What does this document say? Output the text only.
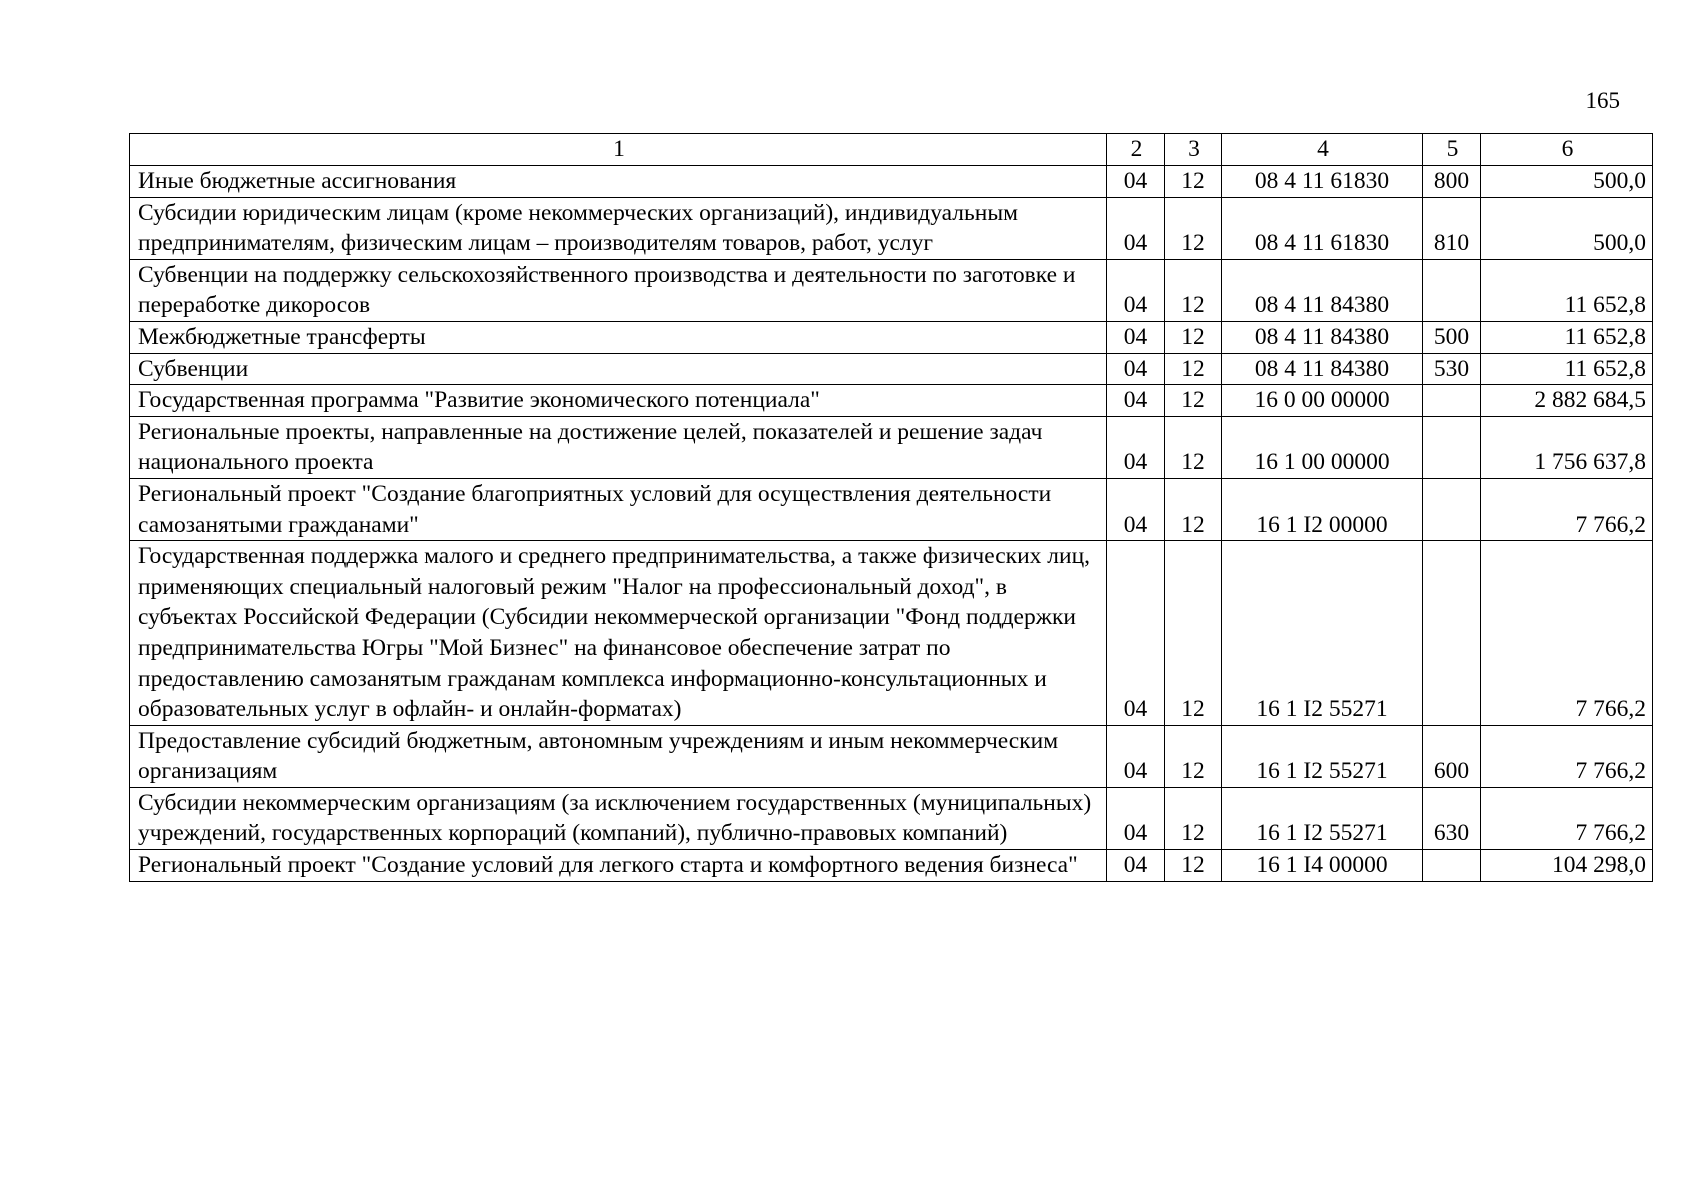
165
1	2	3	4	5	6
Иные бюджетные ассигнования	04	12	08 4 11 61830	800	500,0
Субсидии юридическим лицам (кроме некоммерческих организаций), индивидуальным предпринимателям, физическим лицам – производителям товаров, работ, услуг	04	12	08 4 11 61830	810	500,0
Субвенции на поддержку сельскохозяйственного производства и деятельности по заготовке и переработке дикоросов	04	12	08 4 11 84380		11 652,8
Межбюджетные трансферты	04	12	08 4 11 84380	500	11 652,8
Субвенции	04	12	08 4 11 84380	530	11 652,8
Государственная программа "Развитие экономического потенциала"	04	12	16 0 00 00000		2 882 684,5
Региональные проекты, направленные на достижение целей, показателей и решение задач национального проекта	04	12	16 1 00 00000		1 756 637,8
Региональный проект "Создание благоприятных условий для осуществления деятельности самозанятыми гражданами"	04	12	16 1 I2 00000		7 766,2
Государственная поддержка малого и среднего предпринимательства, а также физических лиц, применяющих специальный налоговый режим "Налог на профессиональный доход", в субъектах Российской Федерации (Субсидии некоммерческой организации "Фонд поддержки предпринимательства Югры "Мой Бизнес" на финансовое обеспечение затрат по предоставлению самозанятым гражданам комплекса информационно-консультационных и образовательных услуг в офлайн- и онлайн-форматах)	04	12	16 1 I2 55271		7 766,2
Предоставление субсидий бюджетным, автономным учреждениям и иным некоммерческим организациям	04	12	16 1 I2 55271	600	7 766,2
Субсидии некоммерческим организациям (за исключением государственных (муниципальных) учреждений, государственных корпораций (компаний), публично-правовых компаний)	04	12	16 1 I2 55271	630	7 766,2
Региональный проект "Создание условий для легкого старта и комфортного ведения бизнеса"	04	12	16 1 I4 00000		104 298,0
